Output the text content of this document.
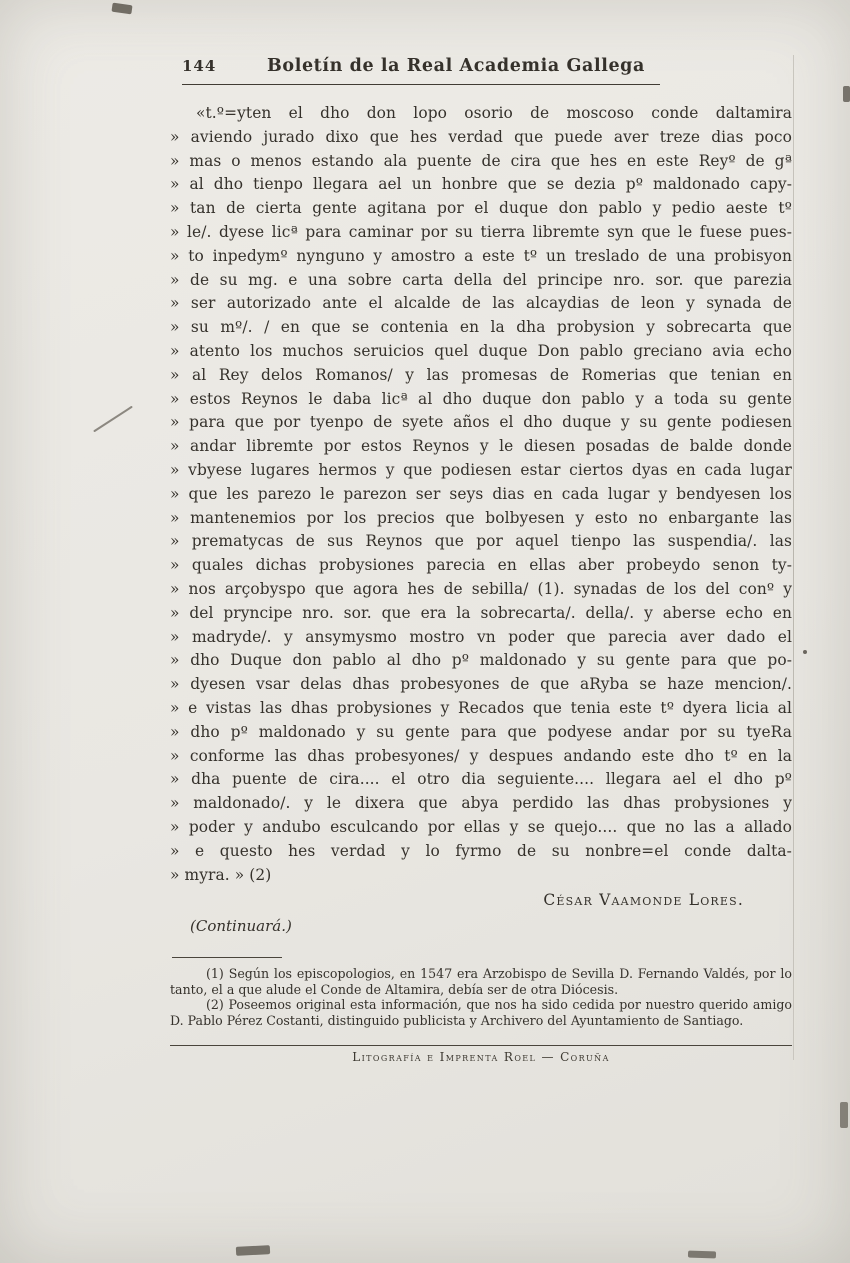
144	Boletín de la Real Academia Gallega

«t.º=yten el dho don lopo osorio de moscoso conde daltamira

» aviendo jurado dixo que hes verdad que puede aver treze dias poco

» mas o menos estando ala puente de cira que hes en este Reyº de gª

» al dho tienpo llegara ael un honbre que se dezia pº maldonado capy-

» tan de cierta gente agitana por el duque don pablo y pedio aeste tº

» le/. dyese licª para caminar por su tierra libremte syn que le fuese pues-

» to inpedymº nynguno y amostro a este tº un treslado de una probisyon

» de su mg. e una sobre carta della del principe nro. sor. que parezia

» ser autorizado ante el alcalde de las alcaydias de leon y synada de

» su mº/. / en que se contenia en la dha probysion y sobrecarta que

» atento los muchos seruicios quel duque Don pablo greciano avia echo

» al Rey delos Romanos/ y las promesas de Romerias que tenian en

» estos Reynos le daba licª al dho duque don pablo y a toda su gente

» para que por tyenpo de syete años el dho duque y su gente podiesen

» andar libremte por estos Reynos y le diesen posadas de balde donde

» vbyese lugares hermos y que podiesen estar ciertos dyas en cada lugar

» que les parezo le parezon ser seys dias en cada lugar y bendyesen los

» mantenemios por los precios que bolbyesen y esto no enbargante las

» prematycas de sus Reynos que por aquel tienpo las suspendia/. las

» quales dichas probysiones parecia en ellas aber probeydo senon ty-

» nos arçobyspo que agora hes de sebilla/ (1). synadas de los del conº y

» del pryncipe nro. sor. que era la sobrecarta/. della/. y aberse echo en

» madryde/. y ansymysmo mostro vn poder que parecia aver dado el

» dho Duque don pablo al dho pº maldonado y su gente para que po-

» dyesen vsar delas dhas probesyones de que aRyba se haze mencion/.

» e vistas las dhas probysiones y Recados que tenia este tº dyera licia al

» dho pº maldonado y su gente para que podyese andar por su tyeRa

» conforme las dhas probesyones/ y despues andando este dho tº en la

» dha puente de cira.... el otro dia seguiente.... llegara ael el dho pº

» maldonado/. y le dixera que abya perdido las dhas probysiones y

» poder y andubo esculcando por ellas y se quejo.... que no las a allado

» e questo hes verdad y lo fyrmo de su nonbre=el conde dalta-

» myra. » (2)

César Vaamonde Lores.
(Continuará.)

(1) Según los episcopologios, en 1547 era Arzobispo de Sevilla D. Fernando Valdés, por lo tanto, el a que alude el Conde de Altamira, debía ser de otra Diócesis.

(2) Poseemos original esta información, que nos ha sido cedida por nuestro querido amigo D. Pablo Pérez Costanti, distinguido publicista y Archivero del Ayuntamiento de Santiago.

Litografía e Imprenta Roel — Coruña
